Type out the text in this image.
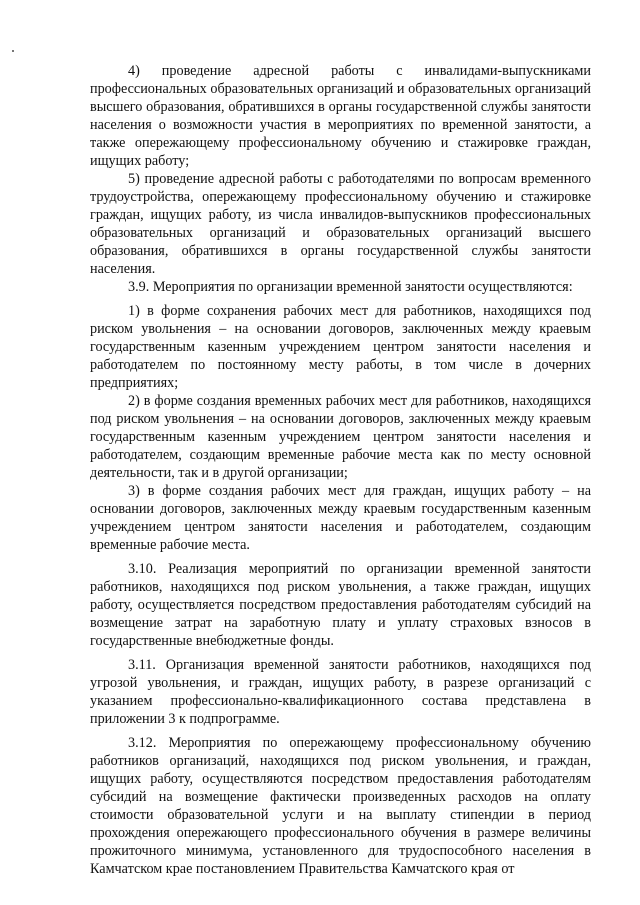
4) проведение адресной работы с инвалидами-выпускниками профессиональных образовательных организаций и образовательных организаций высшего образования, обратившихся в органы государственной службы занятости населения о возможности участия в мероприятиях по временной занятости, а также опережающему профессиональному обучению и стажировке граждан, ищущих работу;

5) проведение адресной работы с работодателями по вопросам временного трудоустройства, опережающему профессиональному обучению и стажировке граждан, ищущих работу, из числа инвалидов-выпускников профессиональных образовательных организаций и образовательных организаций высшего образования, обратившихся в органы государственной службы занятости населения.

3.9. Мероприятия по организации временной занятости осуществляются:

1) в форме сохранения рабочих мест для работников, находящихся под риском увольнения – на основании договоров, заключенных между краевым государственным казенным учреждением центром занятости населения и работодателем по постоянному месту работы, в том числе в дочерних предприятиях;

2) в форме создания временных рабочих мест для работников, находящихся под риском увольнения – на основании договоров, заключенных между краевым государственным казенным учреждением центром занятости населения и работодателем, создающим временные рабочие места как по месту основной деятельности, так и в другой организации;

3) в форме создания рабочих мест для граждан, ищущих работу – на основании договоров, заключенных между краевым государственным казенным учреждением центром занятости населения и работодателем, создающим временные рабочие места.

3.10. Реализация мероприятий по организации временной занятости работников, находящихся под риском увольнения, а также граждан, ищущих работу, осуществляется посредством предоставления работодателям субсидий на возмещение затрат на заработную плату и уплату страховых взносов в государственные внебюджетные фонды.

3.11. Организация временной занятости работников, находящихся под угрозой увольнения, и граждан, ищущих работу, в разрезе организаций с указанием профессионально-квалификационного состава представлена в приложении 3 к подпрограмме.

3.12. Мероприятия по опережающему профессиональному обучению работников организаций, находящихся под риском увольнения, и граждан, ищущих работу, осуществляются посредством предоставления работодателям субсидий на возмещение фактически произведенных расходов на оплату стоимости образовательной услуги и на выплату стипендии в период прохождения опережающего профессионального обучения в размере величины прожиточного минимума, установленного для трудоспособного населения в Камчатском крае постановлением Правительства Камчатского края от
